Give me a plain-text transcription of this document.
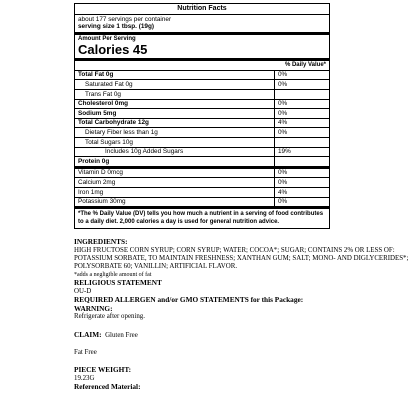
Nutrition Facts
about 177 servings per container
serving size 1 tbsp. (19g)
Amount Per Serving
Calories 45
% Daily Value*
Total Fat 0g	0%
Saturated Fat 0g	0%
Trans Fat 0g
Cholesterol 0mg	0%
Sodium 5mg	0%
Total Carbohydrate 12g	4%
Dietary Fiber less than 1g	0%
Total Sugars 10g
Includes 10g Added Sugars	19%
Protein 0g
Vitamin D 0mcg	0%
Calcium 2mg	0%
Iron 1mg	4%
Potassium 30mg	0%
*The % Daily Value (DV) tells you how much a nutrient in a serving of food contributes to a daily diet. 2,000 calories a day is used for general nutrition advice.
INGREDIENTS:
HIGH FRUCTOSE CORN SYRUP; CORN SYRUP; WATER; COCOA*; SUGAR; CONTAINS 2% OR LESS OF: POTASSIUM SORBATE, TO MAINTAIN FRESHNESS; XANTHAN GUM; SALT; MONO- AND DIGLYCERIDES*; POLYSORBATE 60; VANILLIN; ARTIFICIAL FLAVOR.
*adds a negligible amount of fat
RELIGIOUS STATEMENT
OU-D
REQUIRED ALLERGEN and/or GMO STATEMENTS for this Package:
WARNING:
Refrigerate after opening.
CLAIM: Gluten Free
Fat Free
PIECE WEIGHT:
19.23G
Referenced Material:
